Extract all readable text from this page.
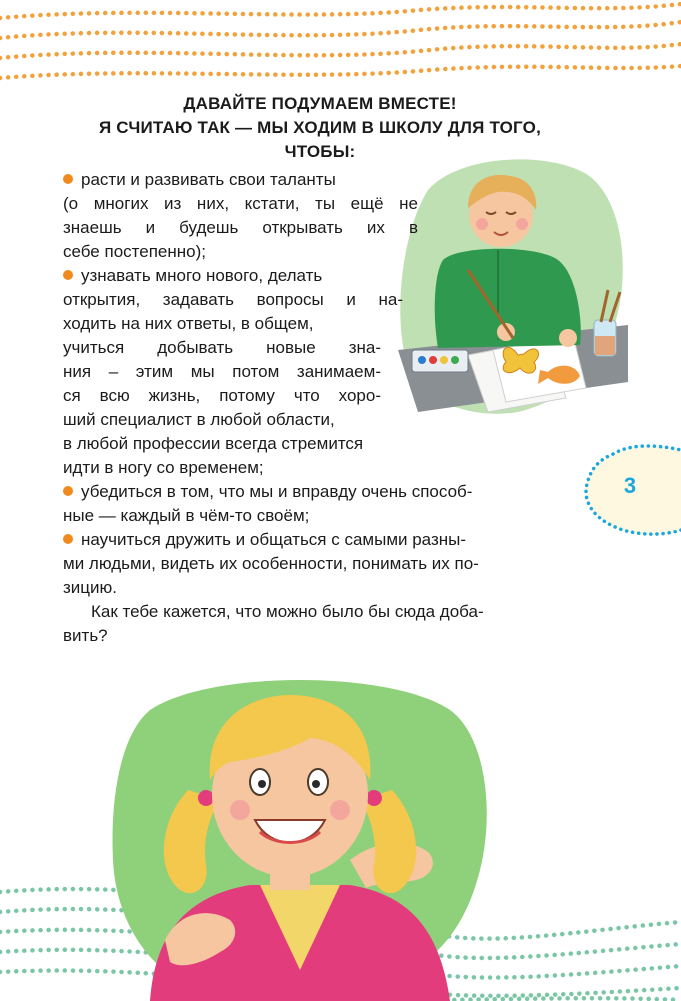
ДАВАЙТЕ ПОДУМАЕМ ВМЕСТЕ!
Я СЧИТАЮ ТАК — МЫ ХОДИМ В ШКОЛУ ДЛЯ ТОГО,
ЧТОБЫ:
3
расти и развивать свои таланты
(о многих из них, кстати, ты ещё не
знаешь и будешь открывать их в
себе постепенно);
узнавать много нового, делать
открытия, задавать вопросы и на-
ходить на них ответы, в общем,
учиться добывать новые зна-
ния – этим мы потом занимаем-
ся всю жизнь, потому что хоро-
ший специалист в любой области,
в любой профессии всегда стремится
идти в ногу со временем;
убедиться в том, что мы и вправду очень способ-
ные — каждый в чём-то своём;
научиться дружить и общаться с самыми разны-
ми людьми, видеть их особенности, понимать их по-
зицию.
Как тебе кажется, что можно было бы сюда доба-
вить?
